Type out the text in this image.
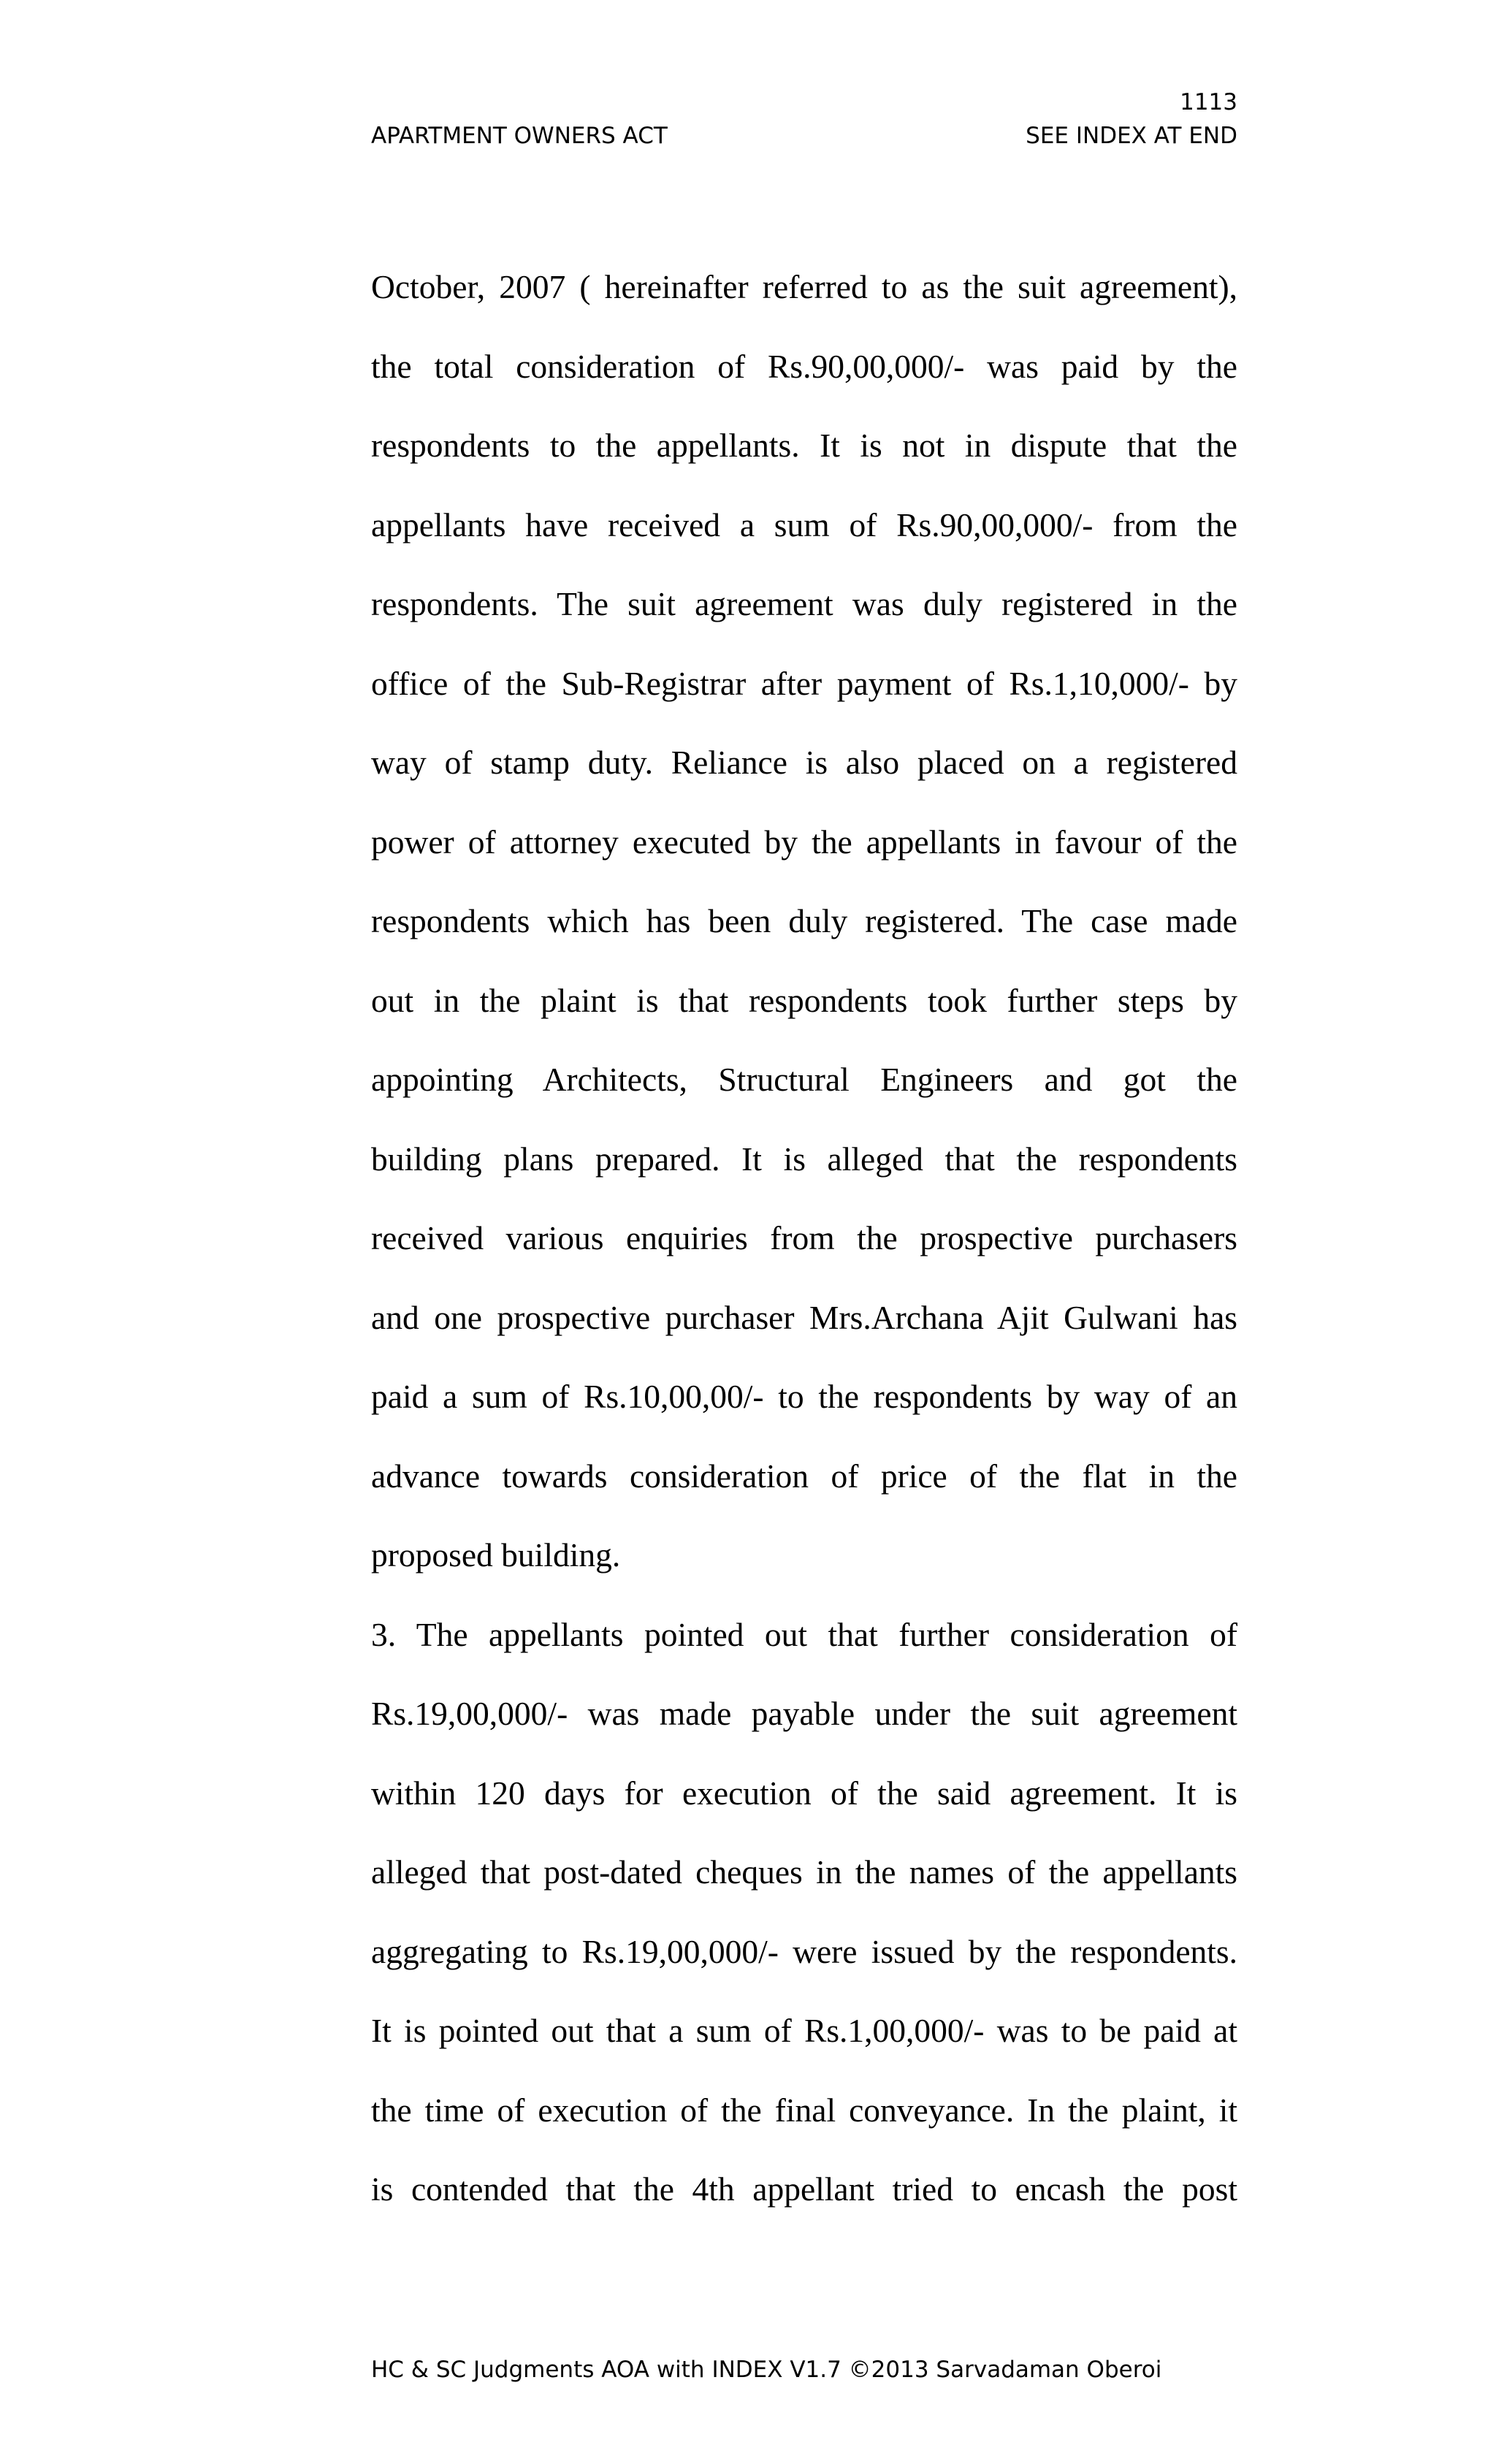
1113
APARTMENT OWNERS ACT	SEE INDEX AT END
October, 2007 ( hereinafter referred to as the suit agreement),
the total consideration of Rs.90,00,000/- was paid by the
respondents to the appellants. It is not in dispute that the
appellants have received a sum of Rs.90,00,000/- from the
respondents. The suit agreement was duly registered in the
office of the Sub-Registrar after payment of Rs.1,10,000/- by
way of stamp duty. Reliance is also placed on a registered
power of attorney executed by the appellants in favour of the
respondents which has been duly registered. The case made
out in the plaint is that respondents took further steps by
appointing Architects, Structural Engineers and got the
building plans prepared. It is alleged that the respondents
received various enquiries from the prospective purchasers
and one prospective purchaser Mrs.Archana Ajit Gulwani has
paid a sum of Rs.10,00,00/- to the respondents by way of an
advance towards consideration of price of the flat in the
proposed building.
3. The appellants pointed out that further consideration of
Rs.19,00,000/- was made payable under the suit agreement
within 120 days for execution of the said agreement. It is
alleged that post-dated cheques in the names of the appellants
aggregating to Rs.19,00,000/- were issued by the respondents.
It is pointed out that a sum of Rs.1,00,000/- was to be paid at
the time of execution of the final conveyance. In the plaint, it
is contended that the 4th appellant tried to encash the post
HC & SC Judgments AOA with INDEX V1.7 ©2013 Sarvadaman Oberoi
